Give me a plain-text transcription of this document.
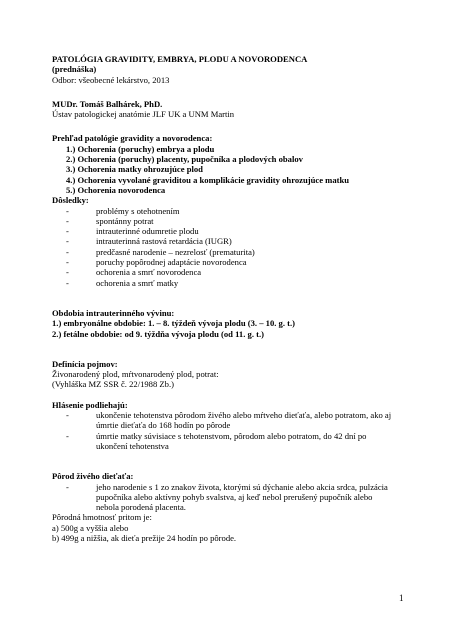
PATOLÓGIA GRAVIDITY, EMBRYA, PLODU A NOVORODENCA
(prednáška)
Odbor: všeobecné lekárstvo, 2013
MUDr. Tomáš Balhárek, PhD.
Ústav patologickej anatómie JLF UK a UNM Martin
Prehľad patológie gravidity a novorodenca:
1.) Ochorenia (poruchy) embrya a plodu
2.) Ochorenia (poruchy) placenty, pupočníka a plodových obalov
3.) Ochorenia matky ohrozujúce plod
4.) Ochorenia vyvolané graviditou a komplikácie gravidity ohrozujúce matku
5.) Ochorenia novorodenca
Dôsledky:
-	problémy s otehotnením
-	spontánny potrat
-	intrauterinné odumretie plodu
-	intrauterinná rastová retardácia (IUGR)
-	predčasné narodenie – nezrelosť (prematurita)
-	poruchy popôrodnej adaptácie novorodenca
-	ochorenia a smrť novorodenca
-	ochorenia a smrť matky
Obdobia intrauterinného vývinu:
1.) embryonálne obdobie: 1. – 8. týždeň vývoja plodu (3. – 10. g. t.)
2.) fetálne obdobie: od 9. týždňa vývoja plodu (od 11. g. t.)
Definícia pojmov:
Živonarodený plod, mŕtvonarodený plod, potrat:
(Vyhláška MZ SSR č. 22/1988 Zb.)
Hlásenie podliehajú:
-	ukončenie tehotenstva pôrodom živého alebo mŕtveho dieťaťa, alebo potratom, ako aj
úmrtie dieťaťa do 168 hodín po pôrode
-	úmrtie matky súvisiace s tehotenstvom, pôrodom alebo potratom, do 42 dní po
ukončení tehotenstva
Pôrod živého dieťaťa:
-	jeho narodenie s 1 zo znakov života, ktorými sú dýchanie alebo akcia srdca, pulzácia
pupočníka alebo aktívny pohyb svalstva, aj keď nebol prerušený pupočník alebo
nebola porodená placenta.
Pôrodná hmotnosť pritom je:
a) 500g a vyššia alebo
b) 499g a nižšia, ak dieťa prežije 24 hodín po pôrode.
1
